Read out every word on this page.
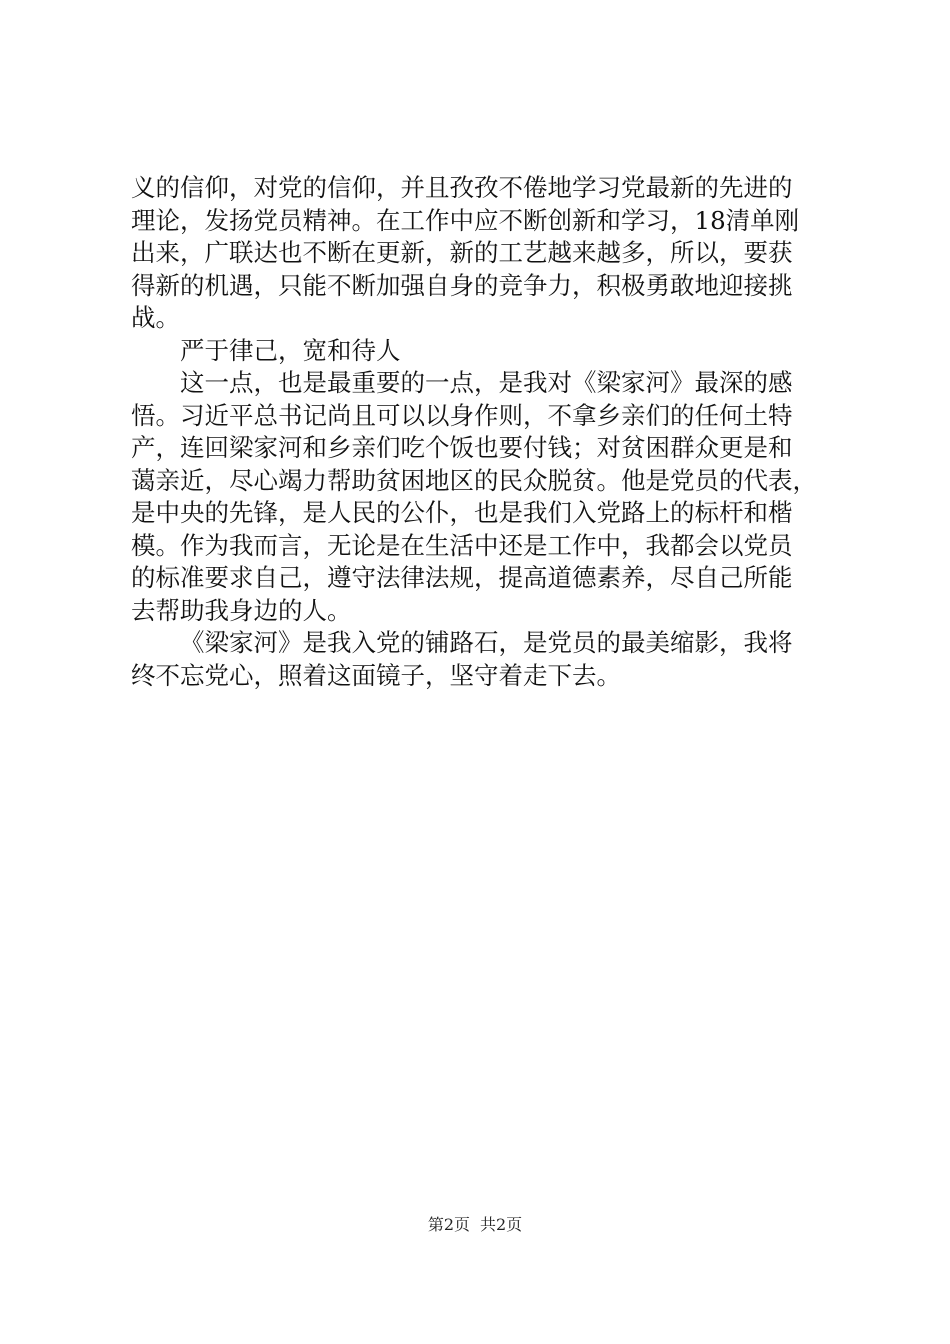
义的信仰，对党的信仰，并且孜孜不倦地学习党最新的先进的
理论，发扬党员精神。在工作中应不断创新和学习，18清单刚
出来，广联达也不断在更新，新的工艺越来越多，所以，要获
得新的机遇，只能不断加强自身的竞争力，积极勇敢地迎接挑
战。
严于律己，宽和待人
这一点，也是最重要的一点，是我对《梁家河》最深的感
悟。习近平总书记尚且可以以身作则，不拿乡亲们的任何土特
产，连回梁家河和乡亲们吃个饭也要付钱；对贫困群众更是和
蔼亲近，尽心竭力帮助贫困地区的民众脱贫。他是党员的代表，
是中央的先锋，是人民的公仆，也是我们入党路上的标杆和楷
模。作为我而言，无论是在生活中还是工作中，我都会以党员
的标准要求自己，遵守法律法规，提高道德素养，尽自己所能
去帮助我身边的人。
《梁家河》是我入党的铺路石，是党员的最美缩影，我将
终不忘党心，照着这面镜子，坚守着走下去。
第2页 共2页
